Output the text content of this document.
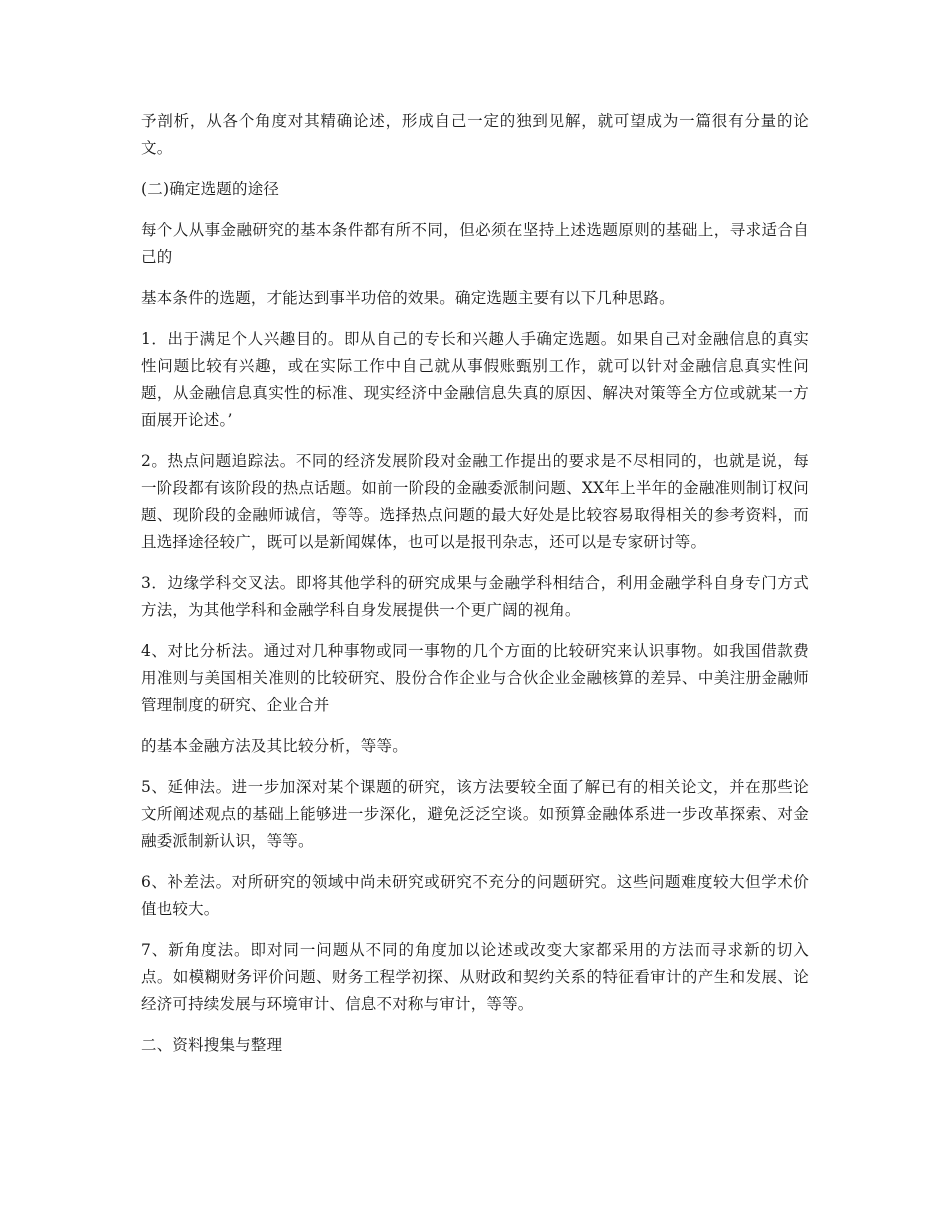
予剖析，从各个角度对其精确论述，形成自己一定的独到见解，就可望成为一篇很有分量的论文。

(二)确定选题的途径

每个人从事金融研究的基本条件都有所不同，但必须在坚持上述选题原则的基础上，寻求适合自己的

基本条件的选题，才能达到事半功倍的效果。确定选题主要有以下几种思路。

1．出于满足个人兴趣目的。即从自己的专长和兴趣人手确定选题。如果自己对金融信息的真实性问题比较有兴趣，或在实际工作中自己就从事假账甄别工作，就可以针对金融信息真实性问题，从金融信息真实性的标准、现实经济中金融信息失真的原因、解决对策等全方位或就某一方面展开论述。’

2。热点问题追踪法。不同的经济发展阶段对金融工作提出的要求是不尽相同的，也就是说，每一阶段都有该阶段的热点话题。如前一阶段的金融委派制问题、XX年上半年的金融准则制订权问题、现阶段的金融师诚信，等等。选择热点问题的最大好处是比较容易取得相关的参考资料，而且选择途径较广，既可以是新闻媒体，也可以是报刊杂志，还可以是专家研讨等。

3．边缘学科交叉法。即将其他学科的研究成果与金融学科相结合，利用金融学科自身专门方式方法，为其他学科和金融学科自身发展提供一个更广阔的视角。

4、对比分析法。通过对几种事物或同一事物的几个方面的比较研究来认识事物。如我国借款费用准则与美国相关准则的比较研究、股份合作企业与合伙企业金融核算的差异、中美注册金融师管理制度的研究、企业合并

的基本金融方法及其比较分析，等等。

5、延伸法。进一步加深对某个课题的研究，该方法要较全面了解已有的相关论文，并在那些论文所阐述观点的基础上能够进一步深化，避免泛泛空谈。如预算金融体系进一步改革探索、对金融委派制新认识，等等。

6、补差法。对所研究的领域中尚未研究或研究不充分的问题研究。这些问题难度较大但学术价值也较大。

7、新角度法。即对同一问题从不同的角度加以论述或改变大家都采用的方法而寻求新的切入点。如模糊财务评价问题、财务工程学初探、从财政和契约关系的特征看审计的产生和发展、论经济可持续发展与环境审计、信息不对称与审计，等等。

二、资料搜集与整理
